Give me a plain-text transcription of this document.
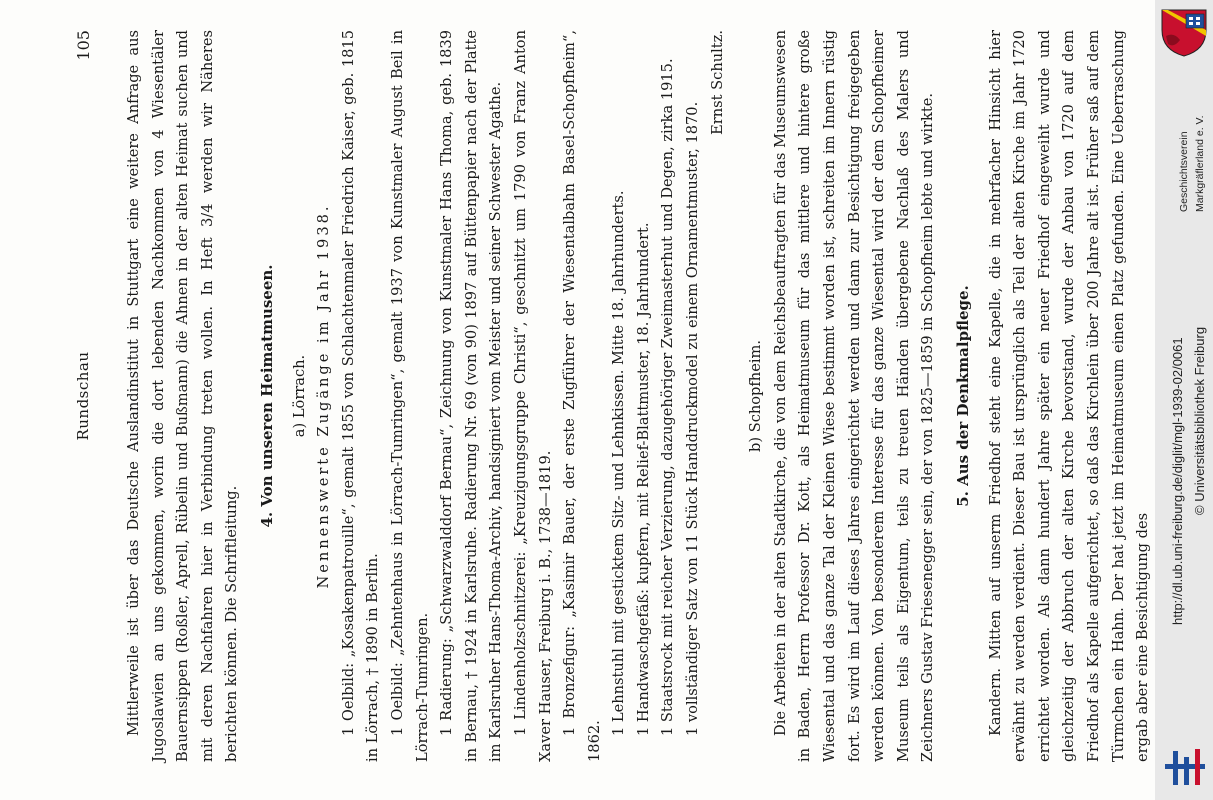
Rundschau
105 Mittlerweile ist über das Deutsche Auslandinstitut in Stuttgart eine weitere Anfrage aus Jugoslawien an uns gekommen, worin die dort lebenden Nachkommen von 4 Wiesentäler Bauernsippen (Roßler, Aprell, Rübelin und Bußmann) die Ahnen in der alten Heimat suchen und mit deren Nachfahren hier in Verbindung treten wollen. In Heft 3/4 werden wir Näheres berichten können. Die Schriftleitung.

4. Von unseren Heimatmuseen. a) Lörrach. Nennenswerte Zugänge im Jahr 1938. 1 Oelbild: „Kosakenpatrouille“, gemalt 1855 von Schlachtenmaler Friedrich Kaiser, geb. 1815 in Lörrach, † 1890 in Berlin. 1 Oelbild: „Zehntenhaus in Lörrach-Tumringen“, gemalt 1937 von Kunstmaler August Beil in Lörrach-Tumringen. 1 Radierung: „Schwarzwalddorf Bernau“, Zeichnung von Kunstmaler Hans Thoma, geb. 1839 in Bernau, † 1924 in Karlsruhe. Radierung Nr. 69 (von 90) 1897 auf Büttenpapier nach der Platte im Karlsruher Hans-Thoma-Archiv, handsigniert vom Meister und seiner Schwester Agathe. 1 Lindenholzschnitzerei: „Kreuzigungsgruppe Christi“, geschnitzt um 1790 von Franz Anton Xaver Hauser, Freiburg i. B., 1738—1819. 1 Bronzefigur: „Kasimir Bauer, der erste Zugführer der Wiesentalbahn Basel-Schopfheim“, 1862.

1 Lehnstuhl mit gesticktem Sitz- und Lehnkissen. Mitte 18. Jahrhunderts. 1 Handwaschgefäß: kupfern, mit Relief-Blattmuster, 18. Jahrhundert. 1 Staatsrock mit reicher Verzierung, dazugehöriger Zweimasterhut und Degen, zirka 1915. 1 vollständiger Satz von 11 Stück Handdruckmodel zu einem Ornamentmuster, 1870.

Ernst Schultz.

b) Schopfheim. Die Arbeiten in der alten Stadtkirche, die von dem Reichsbeauftragten für das Museumswesen in Baden, Herrn Professor Dr. Kott, als Heimatmuseum für das mittlere und hintere große Wiesental und das ganze Tal der Kleinen Wiese bestimmt worden ist, schreiten im Innern rüstig fort. Es wird im Lauf dieses Jahres eingerichtet werden und dann zur Besichtigung freigegeben werden können. Von besonderem Interesse für das ganze Wiesental wird der dem Schopfheimer Museum teils als Eigentum, teils zu treuen Händen übergebene Nachlaß des Malers und Zeichners Gustav Friesenegger sein, der von 1825—1859 in Schopfheim lebte und wirkte.	5. Aus der Denkmalpflege. Kandern. Mitten auf unserm Friedhof steht eine Kapelle, die in mehrfacher Hinsicht hier erwähnt zu werden verdient. Dieser Bau ist ursprünglich als Teil der alten Kirche im Jahr 1720 errichtet worden. Als dann hundert Jahre später ein neuer Friedhof eingeweiht wurde und gleichzeitig der Abbruch der alten Kirche bevorstand, wurde der Anbau von 1720 auf dem Friedhof als Kapelle aufgerichtet, so daß das Kirchlein über 200 Jahre alt ist. Früher saß auf dem Türmchen ein Hahn. Der hat jetzt im Heimatmuseum einen Platz gefunden. Eine Ueberraschung ergab aber eine Besichtigung des

Geschichtsverein Markgräflerland e. V.
http://dl.ub.uni-freiburg.de/diglit/mgl-1939-02/0061 © Universitätsbibliothek Freiburg
